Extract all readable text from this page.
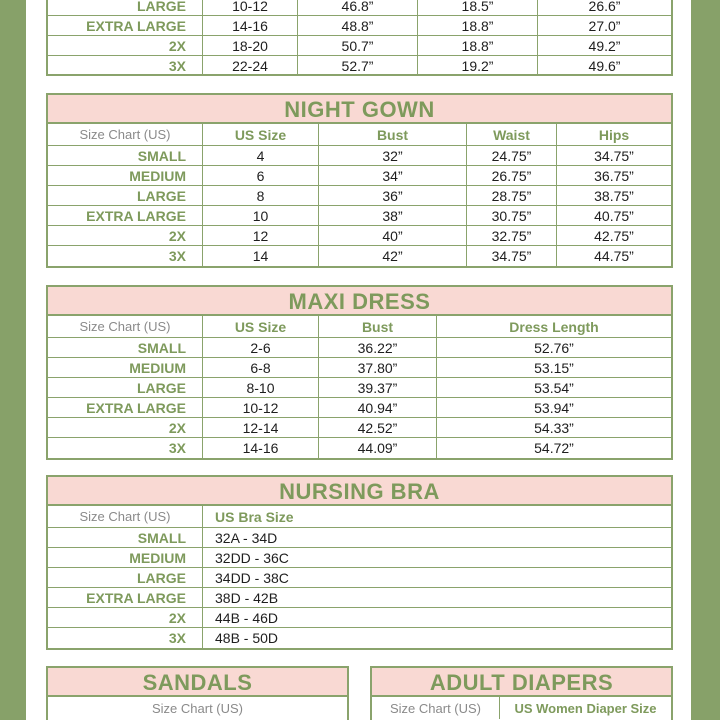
LARGE	10-12	46.8”	18.5”	26.6”
EXTRA LARGE	14-16	48.8”	18.8”	27.0”
2X	18-20	50.7”	18.8”	49.2”
3X	22-24	52.7”	19.2”	49.6”
NIGHT GOWN
Size Chart (US)	US Size	Bust	Waist	Hips
SMALL	4	32”	24.75”	34.75”
MEDIUM	6	34”	26.75”	36.75”
LARGE	8	36”	28.75”	38.75”
EXTRA LARGE	10	38”	30.75”	40.75”
2X	12	40”	32.75”	42.75”
3X	14	42”	34.75”	44.75”
MAXI DRESS
Size Chart (US)	US Size	Bust	Dress Length
SMALL	2-6	36.22”	52.76”
MEDIUM	6-8	37.80”	53.15”
LARGE	8-10	39.37”	53.54”
EXTRA LARGE	10-12	40.94”	53.94”
2X	12-14	42.52”	54.33”
3X	14-16	44.09”	54.72”
NURSING BRA
Size Chart (US)	US Bra Size
SMALL	32A - 34D
MEDIUM	32DD - 36C
LARGE	34DD - 38C
EXTRA LARGE	38D - 42B
2X	44B - 46D
3X	48B - 50D
SANDALS
Size Chart (US)
ADULT DIAPERS
Size Chart (US)	US Women Diaper Size
